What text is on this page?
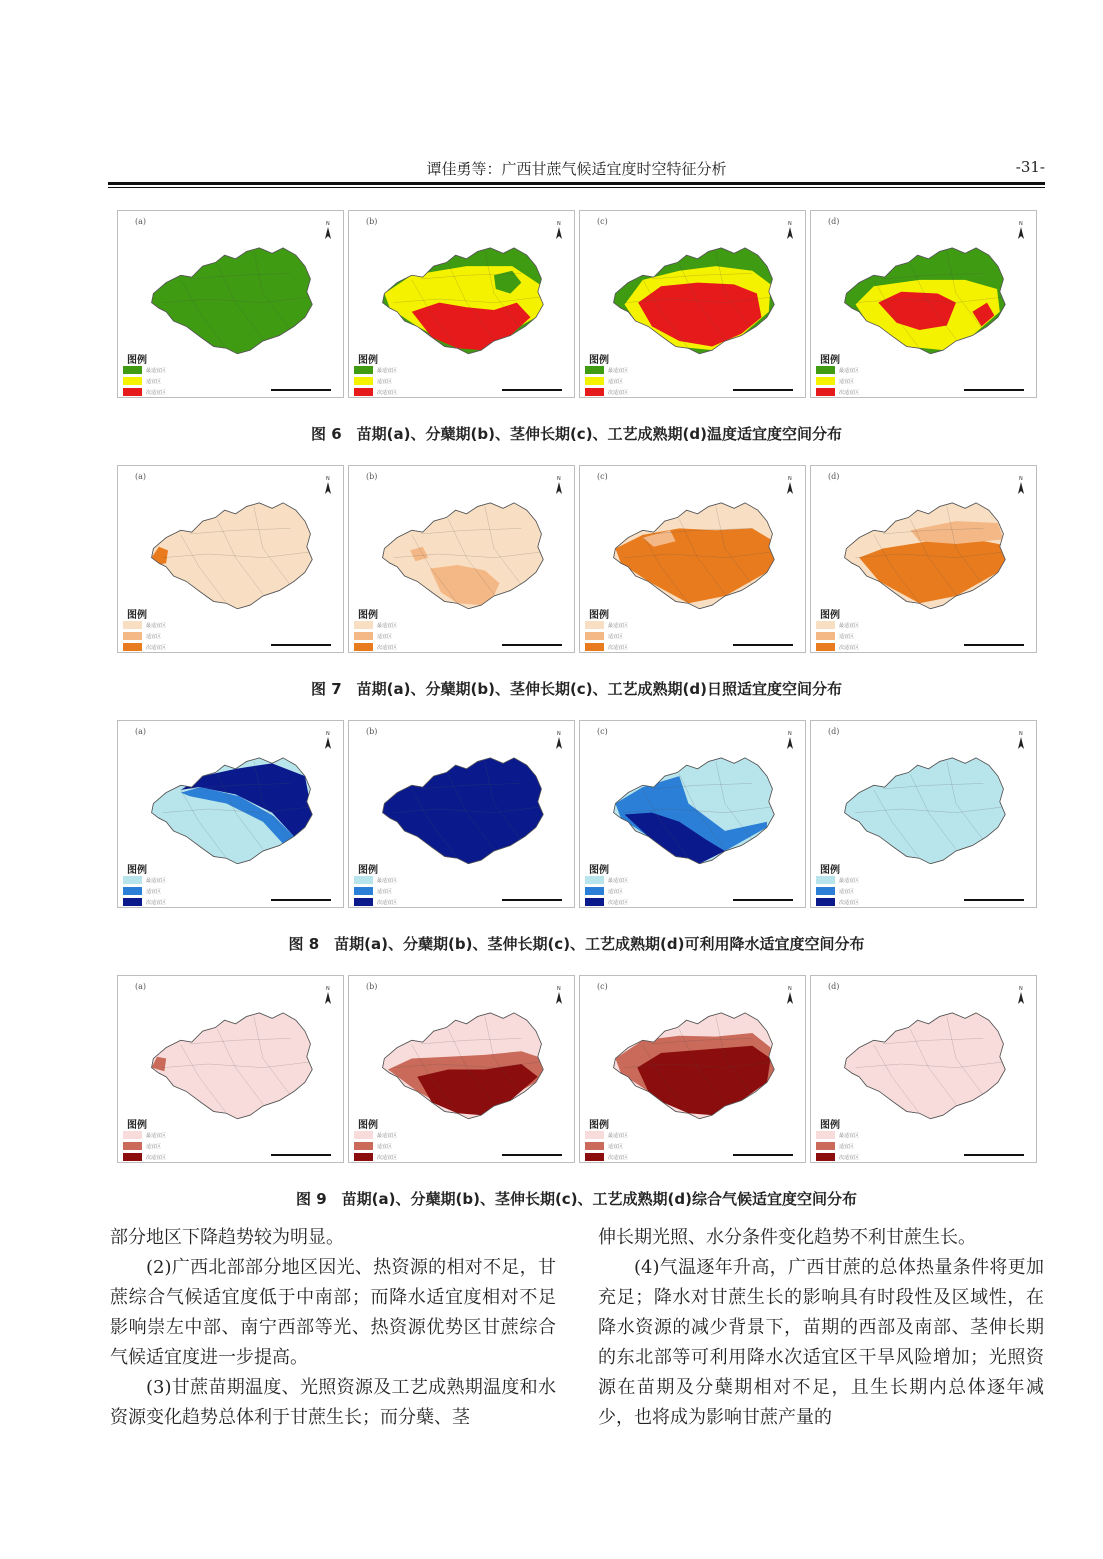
谭佳勇等：广西甘蔗气候适宜度时空特征分析	-31-
(a)	N
图例
最适宜区
适宜区
次适宜区
(b)	N
图例
最适宜区
适宜区
次适宜区
(c)	N
图例
最适宜区
适宜区
次适宜区
(d)	N
图例
最适宜区
适宜区
次适宜区
图 6　苗期(a)、分蘖期(b)、茎伸长期(c)、工艺成熟期(d)温度适宜度空间分布
(a)	N
图例
最适宜区
适宜区
次适宜区
(b)	N
图例
最适宜区
适宜区
次适宜区
(c)	N
图例
最适宜区
适宜区
次适宜区
(d)	N
图例
最适宜区
适宜区
次适宜区
图 7　苗期(a)、分蘖期(b)、茎伸长期(c)、工艺成熟期(d)日照适宜度空间分布
(a)	N
图例
最适宜区
适宜区
次适宜区
(b)	N
图例
最适宜区
适宜区
次适宜区
(c)	N
图例
最适宜区
适宜区
次适宜区
(d)	N
图例
最适宜区
适宜区
次适宜区
图 8　苗期(a)、分蘖期(b)、茎伸长期(c)、工艺成熟期(d)可利用降水适宜度空间分布
(a)	N
图例
最适宜区
适宜区
次适宜区
(b)	N
图例
最适宜区
适宜区
次适宜区
(c)	N
图例
最适宜区
适宜区
次适宜区
(d)	N
图例
最适宜区
适宜区
次适宜区
图 9　苗期(a)、分蘖期(b)、茎伸长期(c)、工艺成熟期(d)综合气候适宜度空间分布

部分地区下降趋势较为明显。

(2)广西北部部分地区因光、热资源的相对不足，甘蔗综合气候适宜度低于中南部；而降水适宜度相对不足影响崇左中部、南宁西部等光、热资源优势区甘蔗综合气候适宜度进一步提高。

(3)甘蔗苗期温度、光照资源及工艺成熟期温度和水资源变化趋势总体利于甘蔗生长；而分蘖、茎

伸长期光照、水分条件变化趋势不利甘蔗生长。

(4)气温逐年升高，广西甘蔗的总体热量条件将更加充足；降水对甘蔗生长的影响具有时段性及区域性，在降水资源的减少背景下，苗期的西部及南部、茎伸长期的东北部等可利用降水次适宜区干旱风险增加；光照资源在苗期及分蘖期相对不足，且生长期内总体逐年减少，也将成为影响甘蔗产量的
